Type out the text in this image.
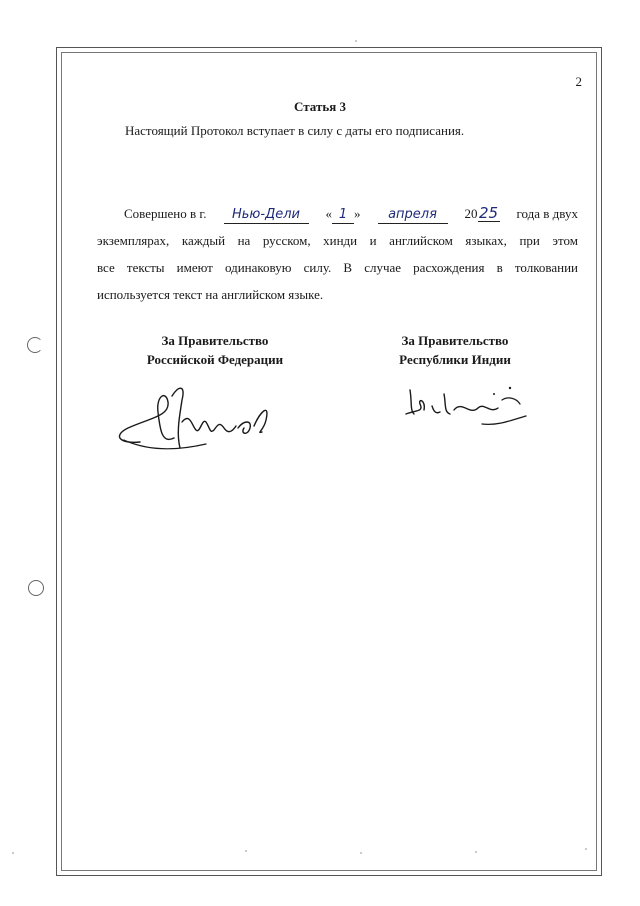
2
Статья 3
Настоящий Протокол вступает в силу с даты его подписания.
Совершено в г.	Нью-Дели	« 1 »	апреля	20 25 года в двух
экземплярах, каждый на русском, хинди и английском языках, при этом
все тексты имеют одинаковую силу. В случае расхождения в толковании
используется текст на английском языке.
За Правительство
Российской Федерации
За Правительство
Республики Индии
